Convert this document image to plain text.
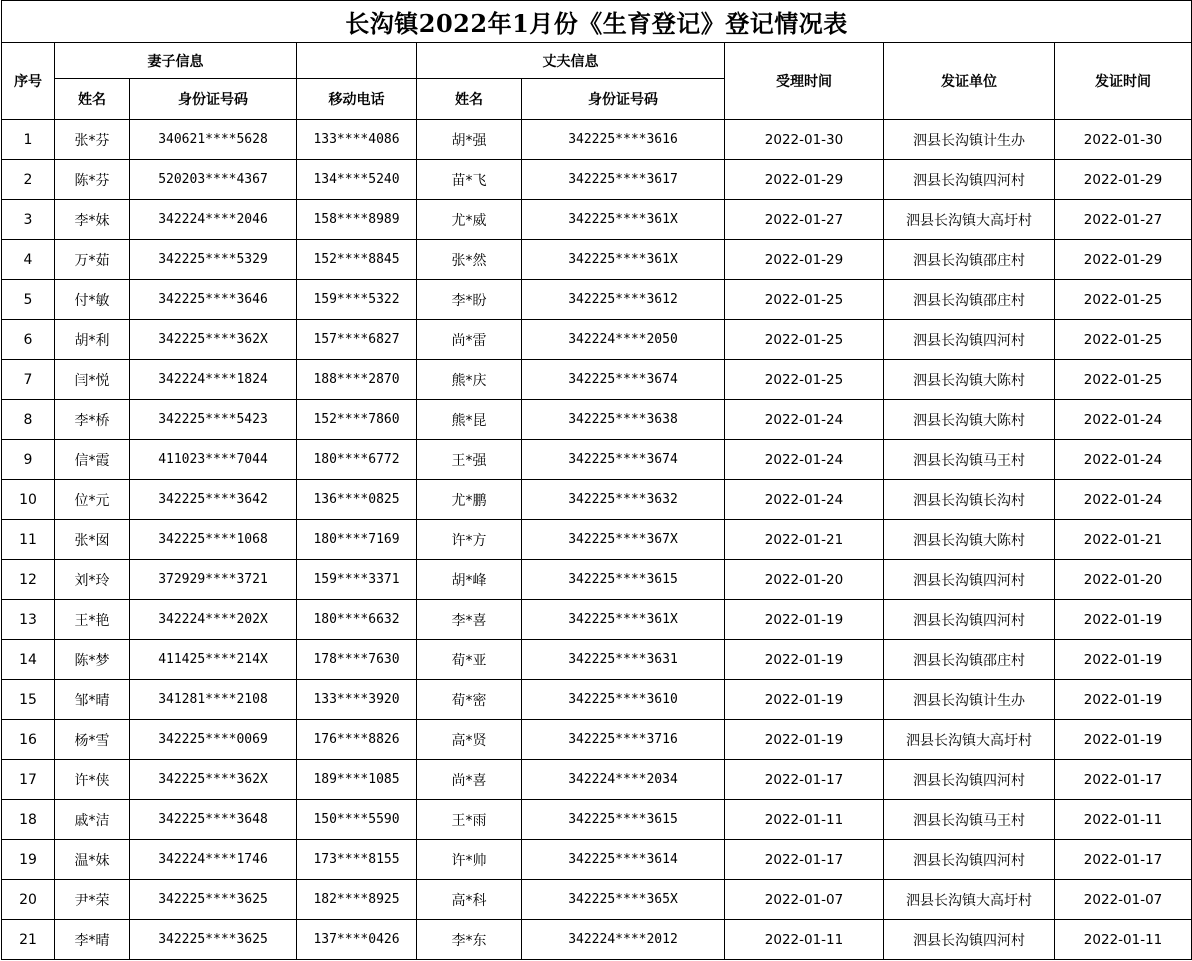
长沟镇2022年1月份《生育登记》登记情况表								
序号	妻子信息			丈夫信息		受理时间	发证单位	发证时间
	姓名	身份证号码	移动电话	姓名	身份证号码			
1	张*芬	340621****5628	133****4086	胡*强	342225****3616	2022-01-30	泗县长沟镇计生办	2022-01-30
2	陈*芬	520203****4367	134****5240	苗*飞	342225****3617	2022-01-29	泗县长沟镇四河村	2022-01-29
3	李*妹	342224****2046	158****8989	尤*威	342225****361X	2022-01-27	泗县长沟镇大高圩村	2022-01-27
4	万*茹	342225****5329	152****8845	张*然	342225****361X	2022-01-29	泗县长沟镇邵庄村	2022-01-29
5	付*敏	342225****3646	159****5322	李*盼	342225****3612	2022-01-25	泗县长沟镇邵庄村	2022-01-25
6	胡*利	342225****362X	157****6827	尚*雷	342224****2050	2022-01-25	泗县长沟镇四河村	2022-01-25
7	闫*悦	342224****1824	188****2870	熊*庆	342225****3674	2022-01-25	泗县长沟镇大陈村	2022-01-25
8	李*桥	342225****5423	152****7860	熊*昆	342225****3638	2022-01-24	泗县长沟镇大陈村	2022-01-24
9	信*霞	411023****7044	180****6772	王*强	342225****3674	2022-01-24	泗县长沟镇马王村	2022-01-24
10	位*元	342225****3642	136****0825	尤*鹏	342225****3632	2022-01-24	泗县长沟镇长沟村	2022-01-24
11	张*囡	342225****1068	180****7169	许*方	342225****367X	2022-01-21	泗县长沟镇大陈村	2022-01-21
12	刘*玲	372929****3721	159****3371	胡*峰	342225****3615	2022-01-20	泗县长沟镇四河村	2022-01-20
13	王*艳	342224****202X	180****6632	李*喜	342225****361X	2022-01-19	泗县长沟镇四河村	2022-01-19
14	陈*梦	411425****214X	178****7630	荀*亚	342225****3631	2022-01-19	泗县长沟镇邵庄村	2022-01-19
15	邹*晴	341281****2108	133****3920	荀*密	342225****3610	2022-01-19	泗县长沟镇计生办	2022-01-19
16	杨*雪	342225****0069	176****8826	高*贤	342225****3716	2022-01-19	泗县长沟镇大高圩村	2022-01-19
17	许*侠	342225****362X	189****1085	尚*喜	342224****2034	2022-01-17	泗县长沟镇四河村	2022-01-17
18	戚*洁	342225****3648	150****5590	王*雨	342225****3615	2022-01-11	泗县长沟镇马王村	2022-01-11
19	温*妹	342224****1746	173****8155	许*帅	342225****3614	2022-01-17	泗县长沟镇四河村	2022-01-17
20	尹*荣	342225****3625	182****8925	高*科	342225****365X	2022-01-07	泗县长沟镇大高圩村	2022-01-07
21	李*晴	342225****3625	137****0426	李*东	342224****2012	2022-01-11	泗县长沟镇四河村	2022-01-11
